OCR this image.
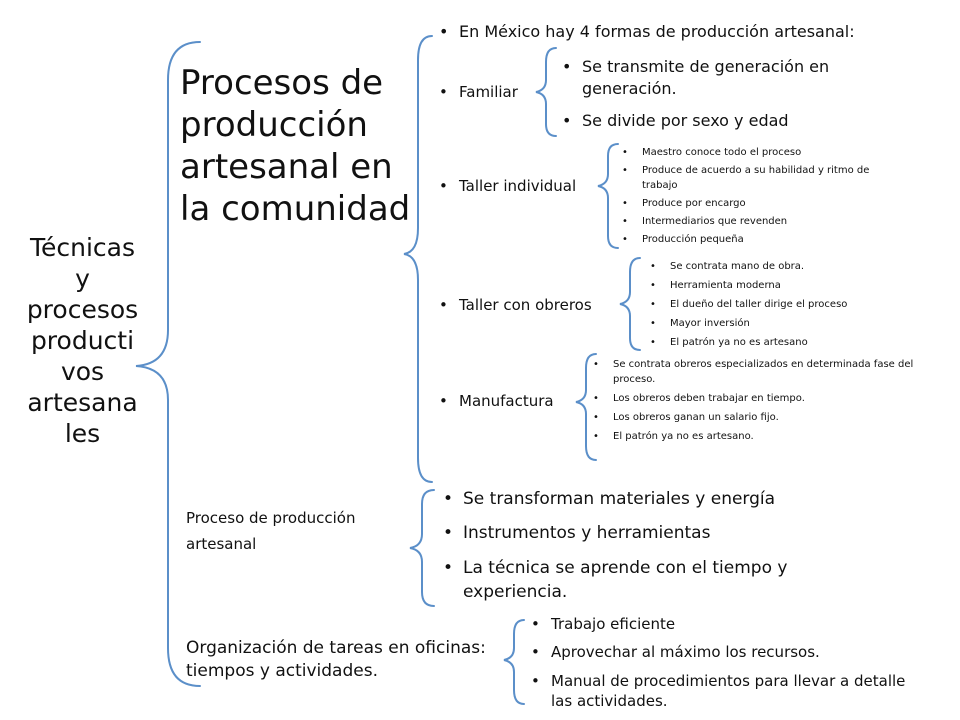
Técnicas y procesos producti vos artesana les
Procesos de producción artesanal en la comunidad
• En México hay 4 formas de producción artesanal:
• Familiar
• Se transmite de generación en generación.
• Se divide por sexo y edad
• Taller individual
• Maestro conoce todo el proceso
• Produce de acuerdo a su habilidad y ritmo de trabajo
• Produce por encargo
• Intermediarios que revenden
• Producción pequeña
• Taller con obreros
• Se contrata mano de obra.
• Herramienta moderna
• El dueño del taller dirige el proceso
• Mayor inversión
• El patrón ya no es artesano
• Manufactura
• Se contrata obreros especializados en determinada fase del proceso.
• Los obreros deben trabajar en tiempo.
• Los obreros ganan un salario fijo.
• El patrón ya no es artesano.
Proceso de producción artesanal
• Se transforman materiales y energía
• Instrumentos y herramientas
• La técnica se aprende con el tiempo y experiencia.
Organización de tareas en oficinas: tiempos y actividades.
• Trabajo eficiente
• Aprovechar al máximo los recursos.
• Manual de procedimientos para llevar a detalle las actividades.
